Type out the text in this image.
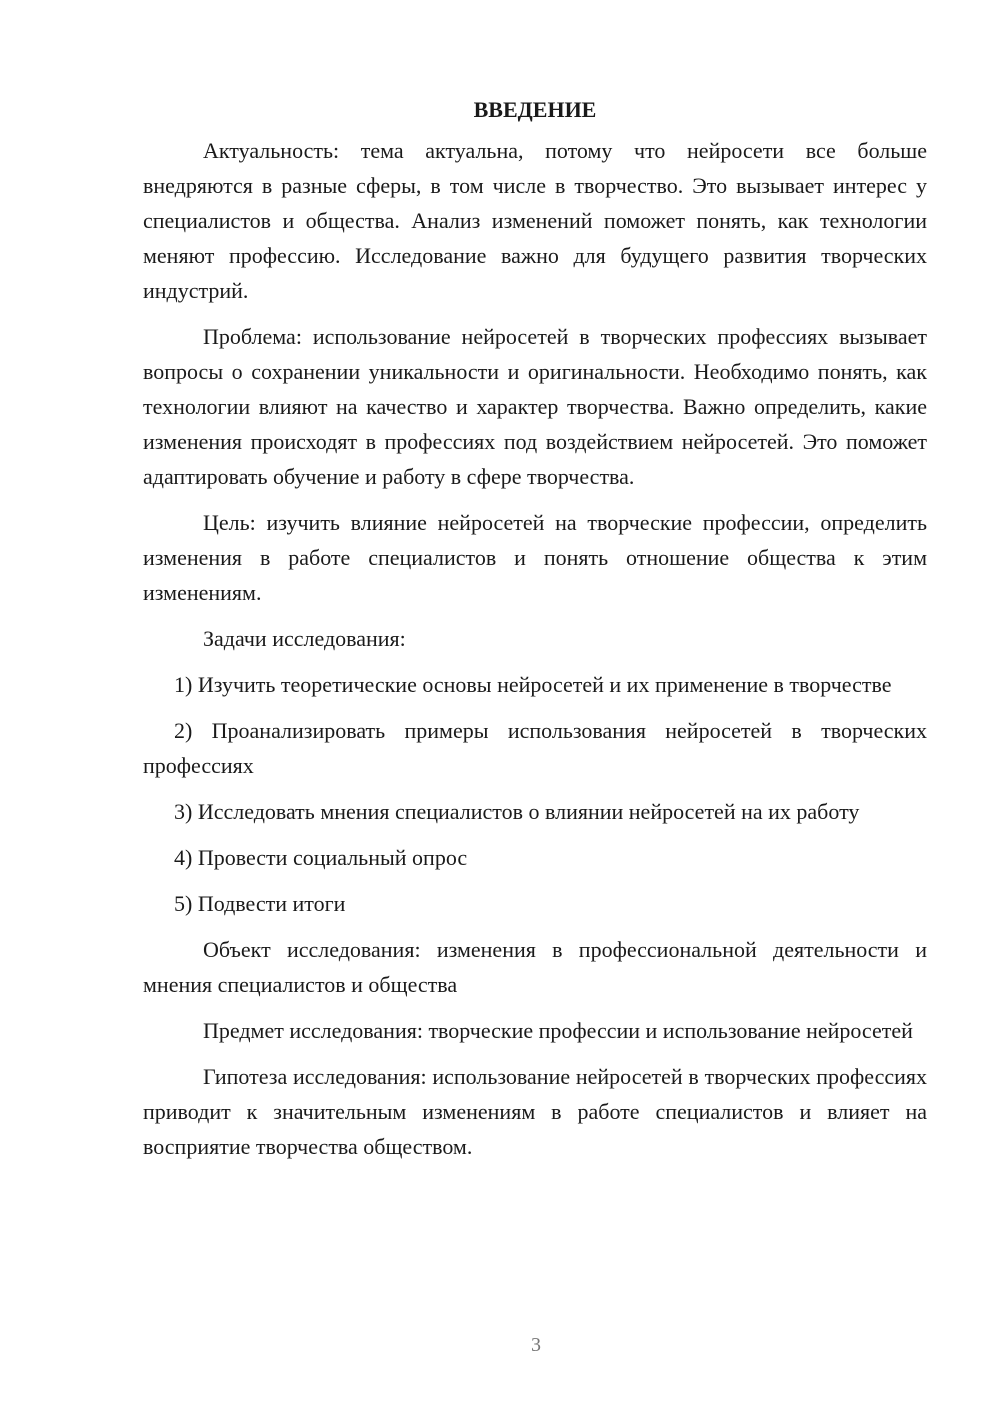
ВВЕДЕНИЕ

Актуальность: тема актуальна, потому что нейросети все больше внедряются в разные сферы, в том числе в творчество. Это вызывает интерес у специалистов и общества. Анализ изменений поможет понять, как технологии меняют профессию. Исследование важно для будущего развития творческих индустрий.

Проблема: использование нейросетей в творческих профессиях вызывает вопросы о сохранении уникальности и оригинальности. Необходимо понять, как технологии влияют на качество и характер творчества. Важно определить, какие изменения происходят в профессиях под воздействием нейросетей. Это поможет адаптировать обучение и работу в сфере творчества.

Цель: изучить влияние нейросетей на творческие профессии, определить изменения в работе специалистов и понять отношение общества к этим изменениям.

Задачи исследования:

1) Изучить теоретические основы нейросетей и их применение в творчестве

2) Проанализировать примеры использования нейросетей в творческих профессиях

3) Исследовать мнения специалистов о влиянии нейросетей на их работу

4) Провести социальный опрос

5) Подвести итоги

Объект исследования: изменения в профессиональной деятельности и мнения специалистов и общества

Предмет исследования: творческие профессии и использование нейросетей

Гипотеза исследования: использование нейросетей в творческих профессиях приводит к значительным изменениям в работе специалистов и влияет на восприятие творчества обществом.

3
